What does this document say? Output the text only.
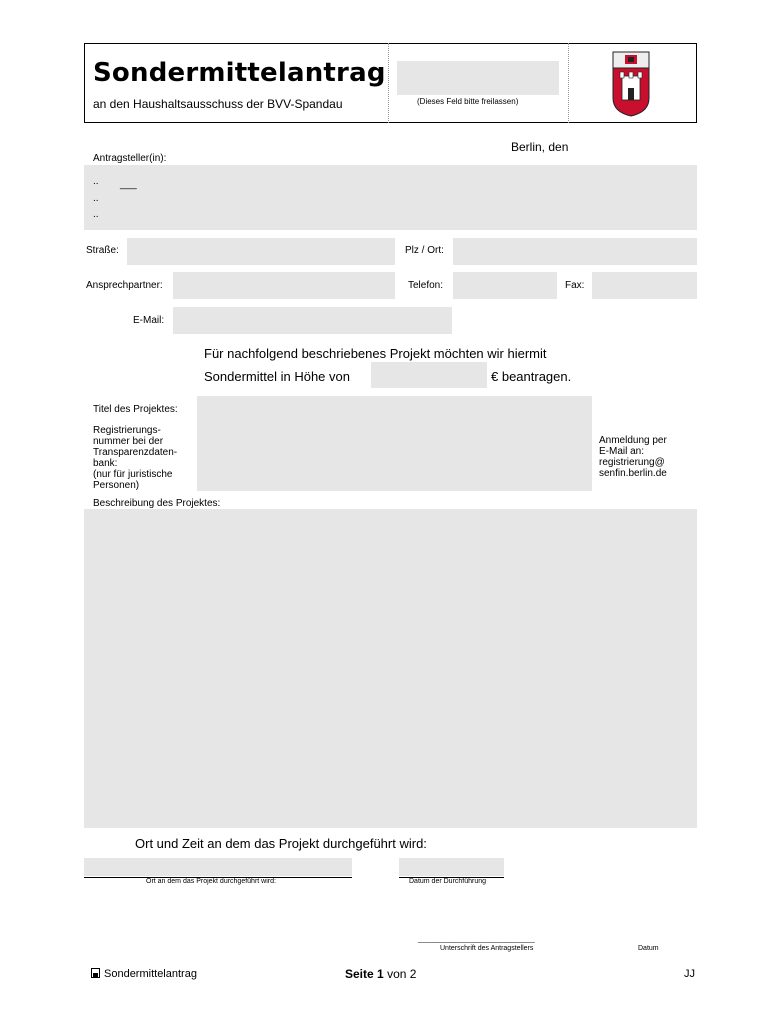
Sondermittelantrag
an den Haushaltsausschuss der BVV-Spandau	(Dieses Feld bitte freilassen)
Berlin, den
Antragsteller(in):
.. ___
..
..
Straße:	Plz / Ort:
Ansprechpartner:	Telefon:	Fax:
E-Mail:
Für nachfolgend beschriebenes Projekt möchten wir hiermit
Sondermittel in Höhe von	€ beantragen.
Titel des Projektes:
Registrierungs-
nummer bei der
Transparenzdaten-
bank:
(nur für juristische
Personen)
Anmeldung per
E-Mail an:
registrierung@
senfin.berlin.de
Beschreibung des Projektes:
Ort und Zeit an dem das Projekt durchgeführt wird:
Ort an dem das Projekt durchgeführt wird:	Datum der Durchführung
______________________________
Unterschrift des Antragstellers	Datum
Sondermittelantrag	Seite 1 von 2	JJ
